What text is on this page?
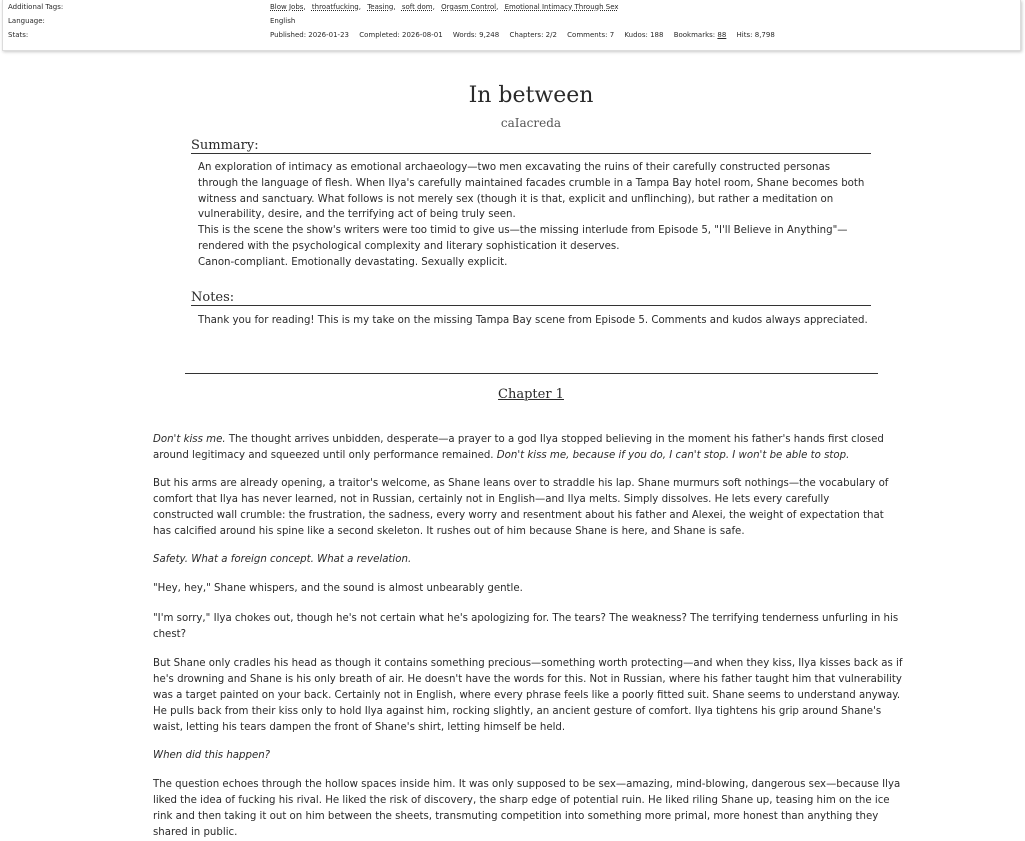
Additional Tags:	Blow Jobs, throatfucking, Teasing, soft dom, Orgasm Control, Emotional Intimacy Through Sex
Language:	English
Stats:	Published: 2026-01-23 Completed: 2026-08-01 Words: 9,248 Chapters: 2/2 Comments: 7 Kudos: 188 Bookmarks: 88 Hits: 8,798
In between
caIacreda
Summary:

An exploration of intimacy as emotional archaeology—two men excavating the ruins of their carefully constructed personas through the language of flesh. When Ilya's carefully maintained facades crumble in a Tampa Bay hotel room, Shane becomes both witness and sanctuary. What follows is not merely sex (though it is that, explicit and unflinching), but rather a meditation on vulnerability, desire, and the terrifying act of being truly seen.

This is the scene the show's writers were too timid to give us—the missing interlude from Episode 5, "I'll Believe in Anything"—rendered with the psychological complexity and literary sophistication it deserves.

Canon-compliant. Emotionally devastating. Sexually explicit.

Notes:

Thank you for reading! This is my take on the missing Tampa Bay scene from Episode 5. Comments and kudos always appreciated.

Chapter 1

Don't kiss me. The thought arrives unbidden, desperate—a prayer to a god Ilya stopped believing in the moment his father's hands first closed around legitimacy and squeezed until only performance remained. Don't kiss me, because if you do, I can't stop. I won't be able to stop.

But his arms are already opening, a traitor's welcome, as Shane leans over to straddle his lap. Shane murmurs soft nothings—the vocabulary of comfort that Ilya has never learned, not in Russian, certainly not in English—and Ilya melts. Simply dissolves. He lets every carefully constructed wall crumble: the frustration, the sadness, every worry and resentment about his father and Alexei, the weight of expectation that has calcified around his spine like a second skeleton. It rushes out of him because Shane is here, and Shane is safe.

Safety. What a foreign concept. What a revelation.

"Hey, hey," Shane whispers, and the sound is almost unbearably gentle.

"I'm sorry," Ilya chokes out, though he's not certain what he's apologizing for. The tears? The weakness? The terrifying tenderness unfurling in his chest?

But Shane only cradles his head as though it contains something precious—something worth protecting—and when they kiss, Ilya kisses back as if he's drowning and Shane is his only breath of air. He doesn't have the words for this. Not in Russian, where his father taught him that vulnerability was a target painted on your back. Certainly not in English, where every phrase feels like a poorly fitted suit. Shane seems to understand anyway. He pulls back from their kiss only to hold Ilya against him, rocking slightly, an ancient gesture of comfort. Ilya tightens his grip around Shane's waist, letting his tears dampen the front of Shane's shirt, letting himself be held.

When did this happen?

The question echoes through the hollow spaces inside him. It was only supposed to be sex—amazing, mind-blowing, dangerous sex—because Ilya liked the idea of fucking his rival. He liked the risk of discovery, the sharp edge of potential ruin. He liked riling Shane up, teasing him on the ice rink and then taking it out on him between the sheets, transmuting competition into something more primal, more honest than anything they shared in public.
